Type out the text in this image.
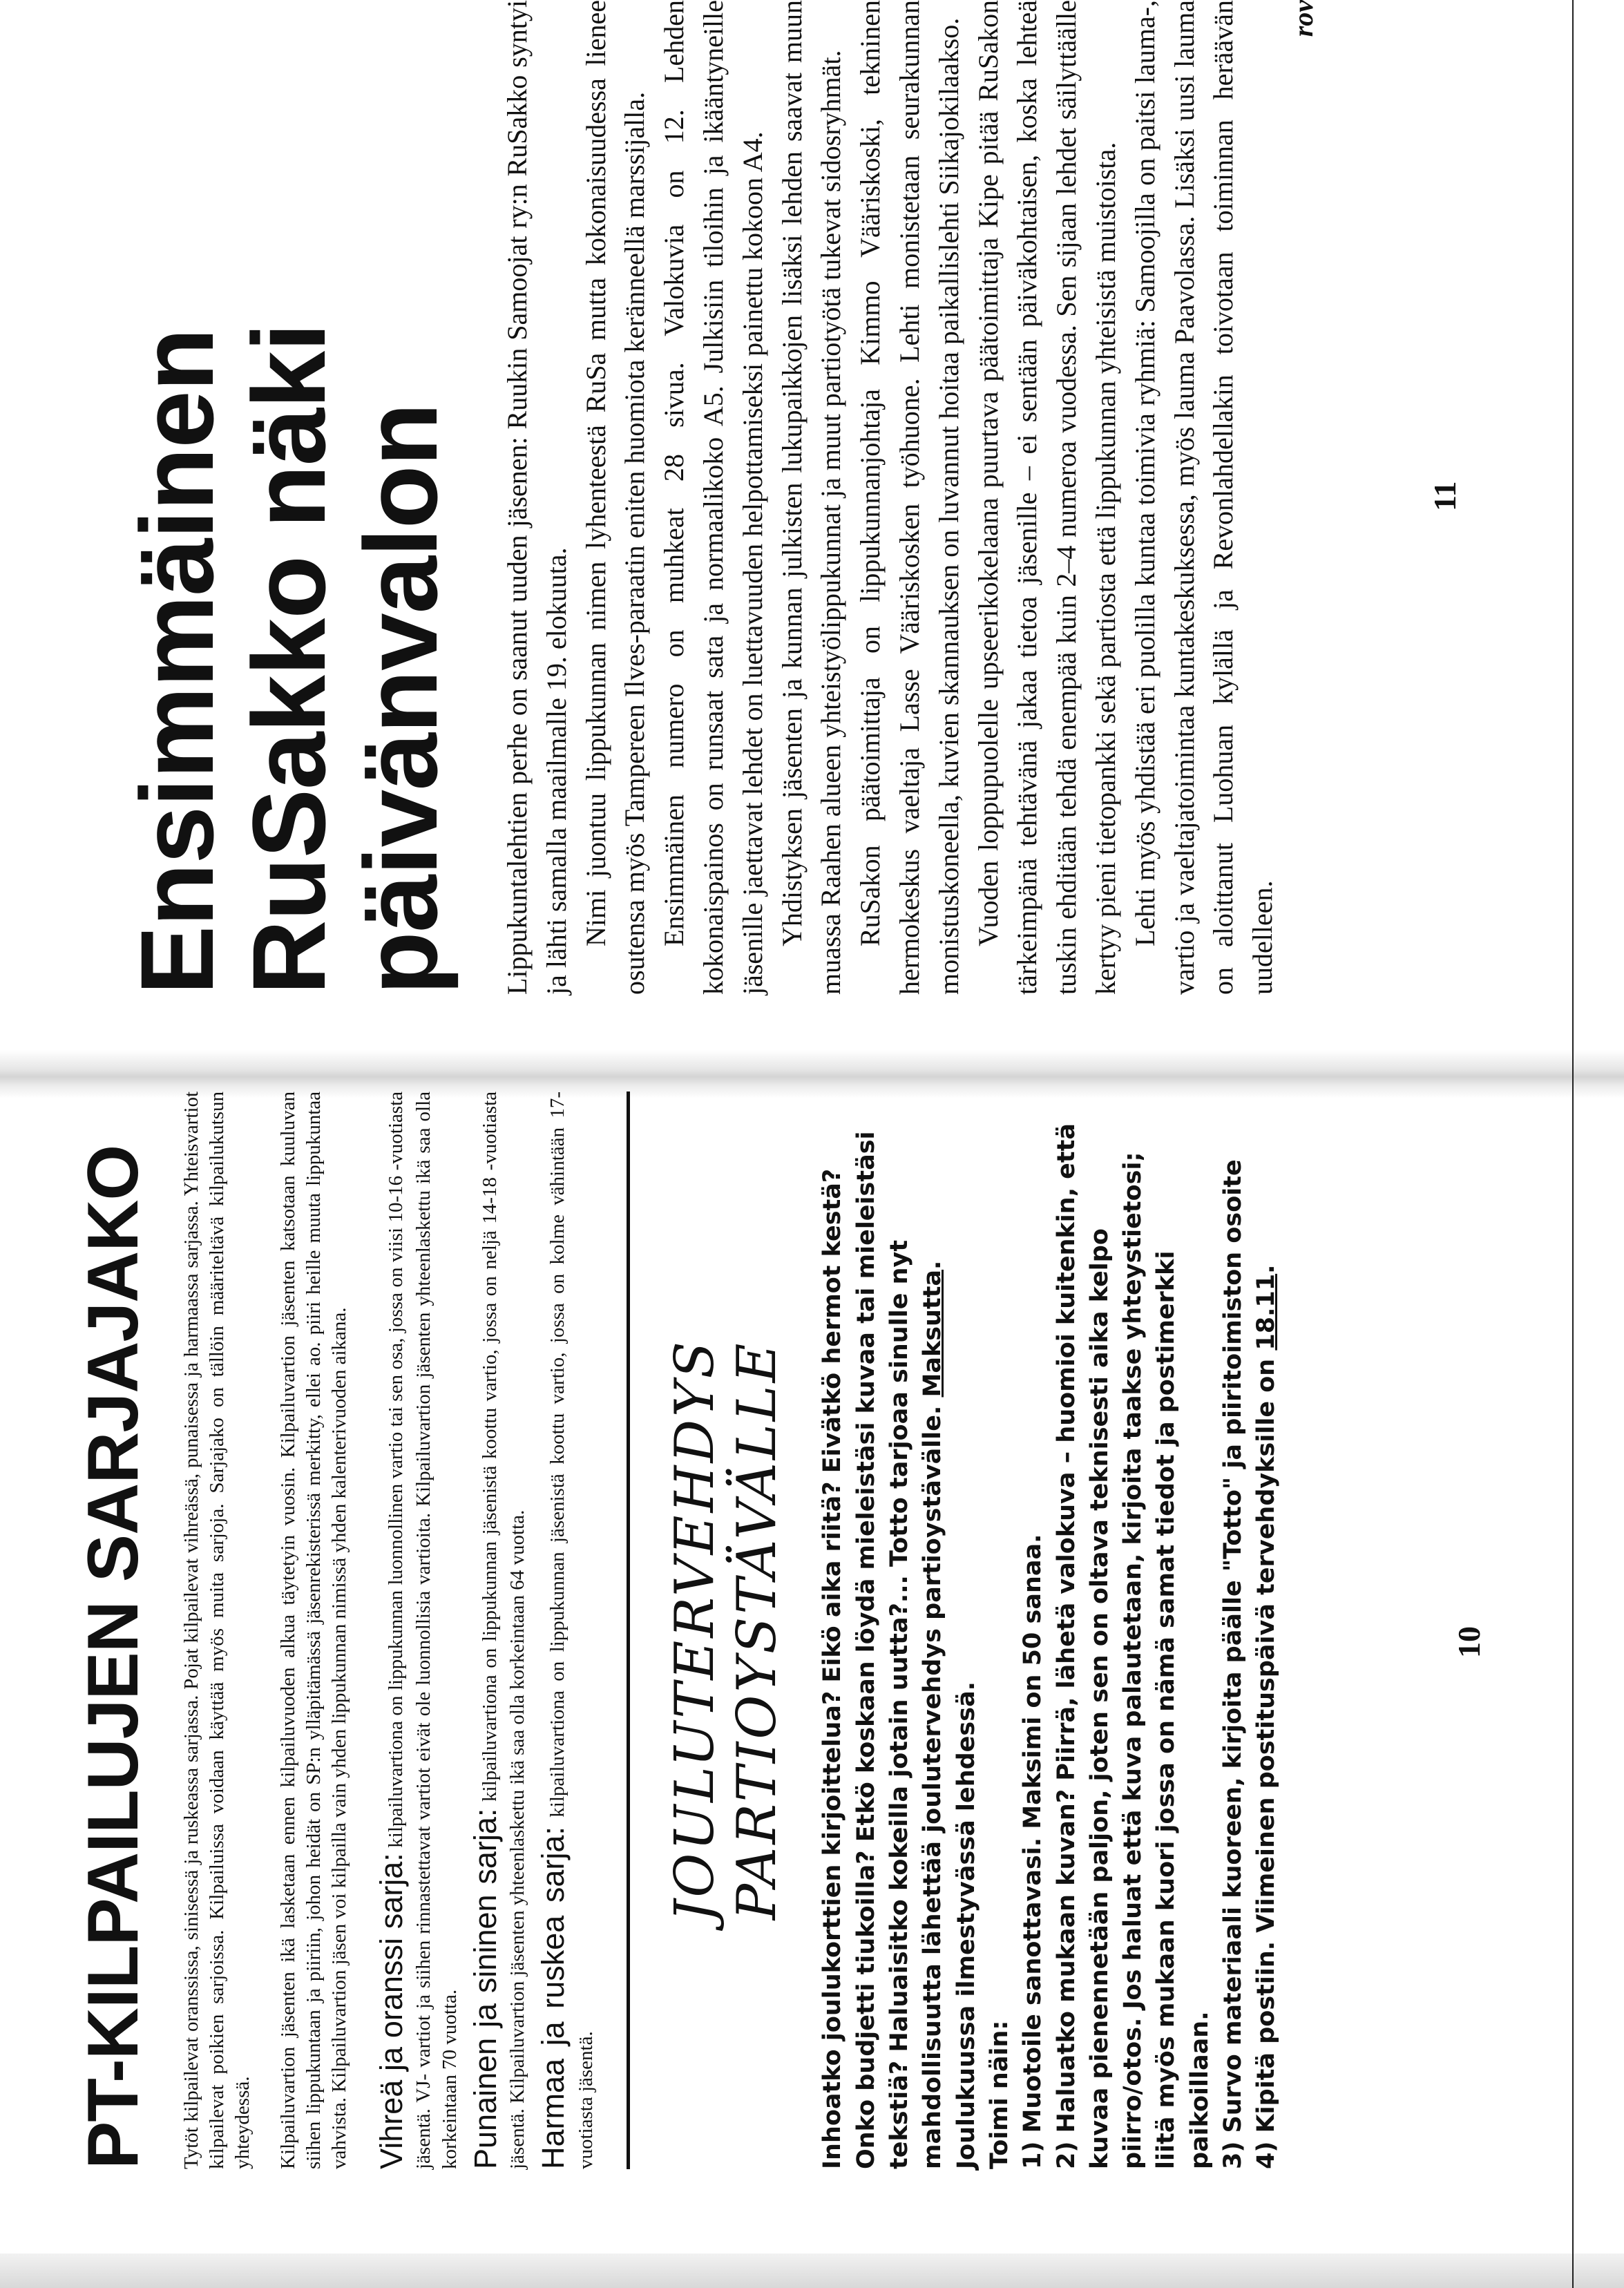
PT-KILPAILUJEN SARJAJAKO Tytöt kilpailevat oranssissa, sinisessä ja ruskeassa sarjassa. Pojat kilpailevat vihreässä, punaisessa ja harmaassa sarjassa. Yhteisvartiot kilpailevat poikien sarjoissa. Kilpailuissa voidaan käyttää myös muita sarjoja. Sarjajako on tällöin määriteltävä kilpailukutsun yhteydessä. Kilpailuvartion jäsenten ikä lasketaan ennen kilpailuvuoden alkua täytetyin vuosin. Kilpailuvartion jäsenten katsotaan kuuluvan siihen lippukuntaan ja piiriin, johon heidät on SP:n ylläpitämässä jäsenrekisterissä merkitty, ellei ao. piiri heille muuta lippukuntaa vahvista. Kilpailuvartion jäsen voi kilpailla vain yhden lippukunnan nimissä yhden kalenterivuoden aikana. Vihreä ja oranssi sarja: kilpailuvartiona on lippukunnan luonnollinen vartio tai sen osa, jossa on viisi 10-16 -vuotiasta jäsentä. VJ- vartiot ja siihen rinnastettavat vartiot eivät ole luonnollisia vartioita. Kilpailuvartion jäsenten yhteenlaskettu ikä saa olla korkeintaan 70 vuotta. Punainen ja sininen sarja: kilpailuvartiona on lippukunnan jäsenistä koottu vartio, jossa on neljä 14-18 -vuotiasta jäsentä. Kilpailuvartion jäsenten yhteenlaskettu ikä saa olla korkeintaan 64 vuotta. Harmaa ja ruskea sarja: kilpailuvartiona on lippukunnan jäsenistä koottu vartio, jossa on kolme vähintään 17-vuotiasta jäsentä.

JOULUTERVEHDYS PARTIOYSTÄVÄLLE Inhoatko joulukorttien kirjoittelua? Eikö aika riitä? Eivätkö hermot kestä? Onko budjetti tiukoilla? Etkö koskaan löydä mieleistäsi kuvaa tai mieleistäsi tekstiä? Haluaisitko kokeilla jotain uutta?... Totto tarjoaa sinulle nyt mahdollisuutta lähettää joulutervehdys partioystävälle. Maksutta. Joulukuussa ilmestyvässä lehdessä. Toimi näin: 1) Muotoile sanottavasi. Maksimi on 50 sanaa. 2) Haluatko mukaan kuvan? Piirrä, lähetä valokuva – huomioi kuitenkin, että kuvaa pienennetään paljon, joten sen on oltava teknisesti aika kelpo piirro/otos. Jos haluat että kuva palautetaan, kirjoita taakse yhteystietosi; liitä myös mukaan kuori jossa on nämä samat tiedot ja postimerkki paikoillaan. 3) Survo materiaali kuoreen, kirjoita päälle "Totto" ja piiritoimiston osoite 4) Kipitä postiin. Viimeinen postituspäivä tervehdyksille on 18.11.

10
Ensimmäinen RuSakko näki päivänvalon Lippukuntalehtien perhe on saanut uuden jäsenen: Ruukin Samoojat ry:n RuSakko syntyi ja lähti samalla maailmalle 19. elokuuta. Nimi juontuu lippukunnan nimen lyhenteestä RuSa mutta kokonaisuudessa lienee osutensa myös Tampereen Ilves-paraatin eniten huomiota keränneellä marssijalla. Ensimmäinen numero on muhkeat 28 sivua. Valokuvia on 12. Lehden kokonaispainos on runsaat sata ja normaalikoko A5. Julkisiin tiloihin ja ikääntyneille jäsenille jaettavat lehdet on luettavuuden helpottamiseksi painettu kokoon A4. Yhdistyksen jäsenten ja kunnan julkisten lukupaikkojen lisäksi lehden saavat muun muassa Raahen alueen yhteistyölippukunnat ja muut partiotyötä tukevat sidosryhmät. RuSakon päätoimittaja on lippukunnanjohtaja Kimmo Vääriskoski, tekninen hermokeskus vaeltaja Lasse Vääriskosken työhuone. Lehti monistetaan seurakunnan monistuskoneella, kuvien skannauksen on luvannut hoitaa paikallislehti Siikajokilaakso. Vuoden loppupuolelle upseerikokelaana puurtava päätoimittaja Kipe pitää RuSakon tärkeimpänä tehtävänä jakaa tietoa jäsenille – ei sentään päiväkohtaisen, koska lehteä tuskin ehditään tehdä enempää kuin 2–4 numeroa vuodessa. Sen sijaan lehdet säilyttäälle kertyy pieni tietopankki sekä partiosta että lippukunnan yhteisistä muistoista. Lehti myös yhdistää eri puolilla kuntaa toimivia ryhmiä: Samoojilla on paitsi lauma-, vartio ja vaeltajatoimintaa kuntakeskuksessa, myös lauma Paavolassa. Lisäksi uusi lauma on aloittanut Luohuan kylällä ja Revonlahdellakin toivotaan toiminnan heräävän uudelleen.

rov
11
